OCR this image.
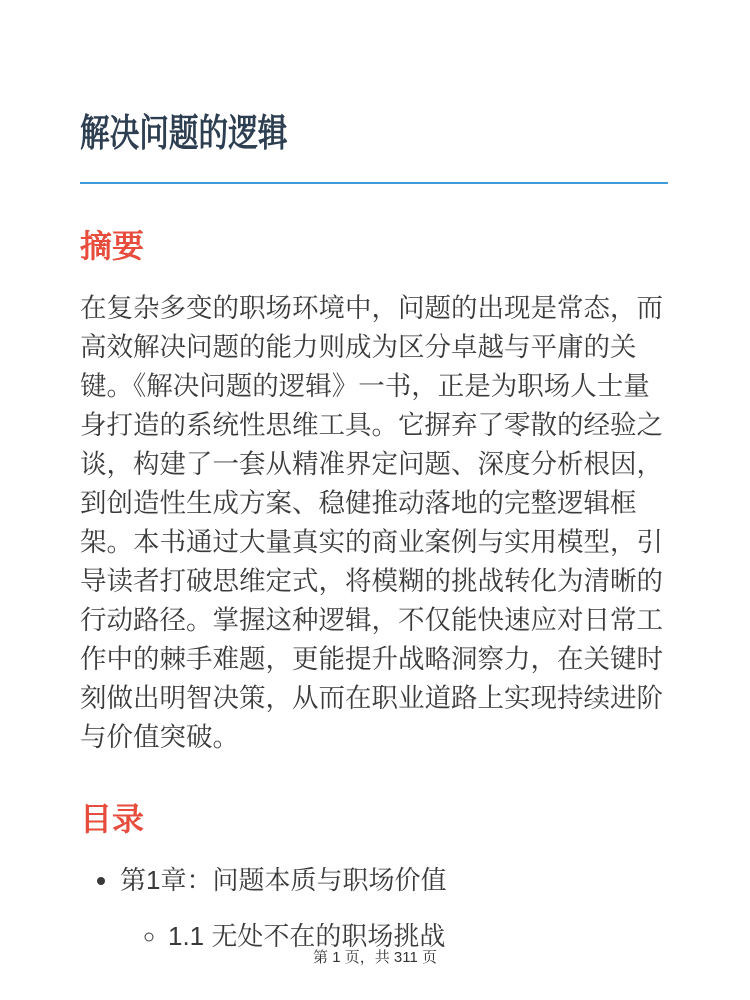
解决问题的逻辑
摘要

在复杂多变的职场环境中，问题的出现是常态，而高效解决问题的能力则成为区分卓越与平庸的关键。《解决问题的逻辑》一书，正是为职场人士量身打造的系统性思维工具。它摒弃了零散的经验之谈，构建了一套从精准界定问题、深度分析根因，到创造性生成方案、稳健推动落地的完整逻辑框架。本书通过大量真实的商业案例与实用模型，引导读者打破思维定式，将模糊的挑战转化为清晰的行动路径。掌握这种逻辑，不仅能快速应对日常工作中的棘手难题，更能提升战略洞察力，在关键时刻做出明智决策，从而在职业道路上实现持续进阶与价值突破。

目录
• 第1章：问题本质与职场价值
◦ 1.1 无处不在的职场挑战
第 1 页，共 311 页
